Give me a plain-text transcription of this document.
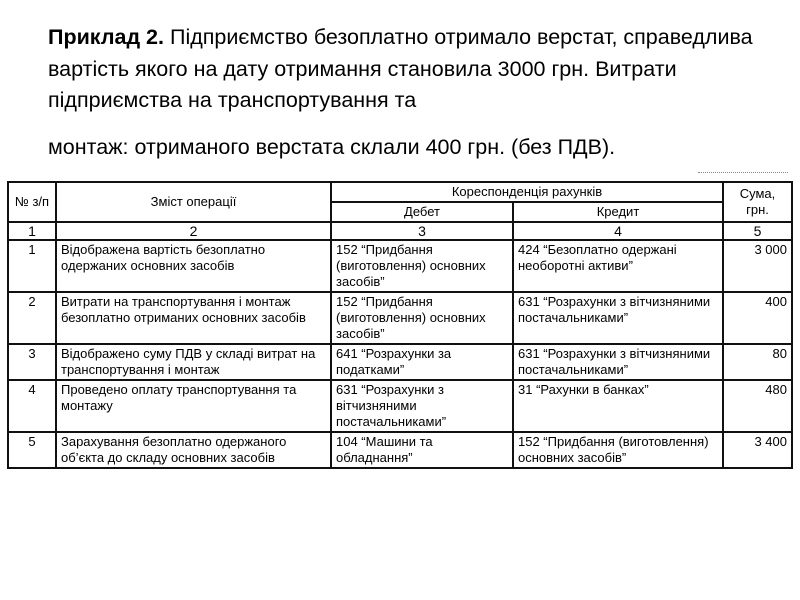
Приклад 2. Підприємство безоплатно отримало верстат, справедлива вартість якого на дату отримання становила 3000 грн. Витрати підприємства на транспортування та

монтаж: отриманого верстата склали 400 грн. (без ПДВ).

№ з/п	Зміст операції	Кореспонденція рахунків		Сума, грн.
		Дебет	Кредит	
1	2	3	4	5
1	Відображена вартість безоплатно одержаних основних засобів	152 “Придбання (виготовлення) основних засобів”	424 “Безоплатно одержані необоротні активи”	3 000
2	Витрати на транспортування і монтаж безоплатно отриманих основних засобів	152 “Придбання (виготовлення) основних засобів”	631 “Розрахунки з вітчизняними постачальниками”	400
3	Відображено суму ПДВ у складі витрат на транспортування і монтаж	641 “Розрахунки за податками”	631 “Розрахунки з вітчизняними постачальниками”	80
4	Проведено оплату транспортування та монтажу	631 “Розрахунки з вітчизняними постачальниками”	31 “Рахунки в банках”	480
5	Зарахування безоплатно одержаного об’єкта до складу основних засобів	104 “Машини та обладнання”	152 “Придбання (виготовлення) основних засобів”	3 400
